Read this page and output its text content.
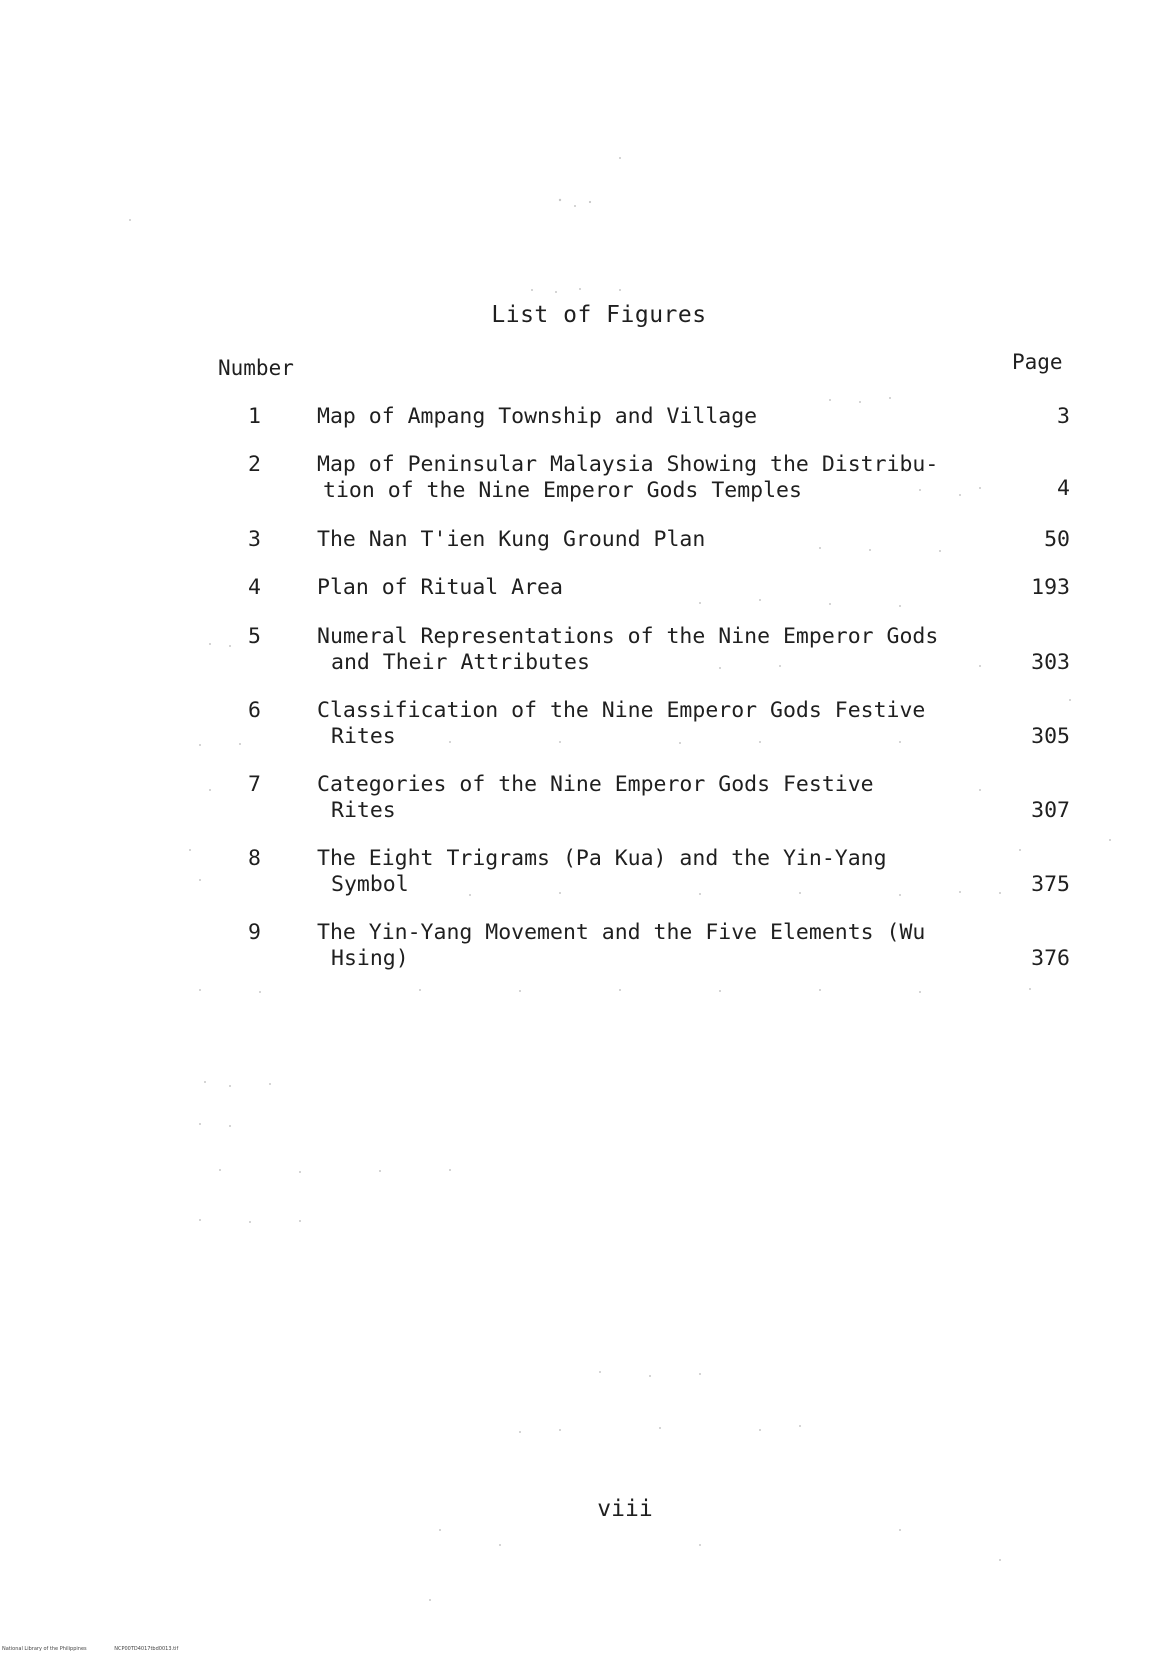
List of Figures
Number	Page
1	Map of Ampang Township and Village	3
2	Map of Peninsular Malaysia Showing the Distribu-
tion of the Nine Emperor Gods Temples	4
3	The Nan T'ien Kung Ground Plan	50
4	Plan of Ritual Area	193
5	Numeral Representations of the Nine Emperor Gods
and Their Attributes	303
6	Classification of the Nine Emperor Gods Festive
Rites	305
7	Categories of the Nine Emperor Gods Festive
Rites	307
8	The Eight Trigrams (Pa Kua) and the Yin-Yang
Symbol	375
9	The Yin-Yang Movement and the Five Elements (Wu
Hsing)	376
viii
National Library of the Philippines	NCP00TD4017tbd0013.tif
